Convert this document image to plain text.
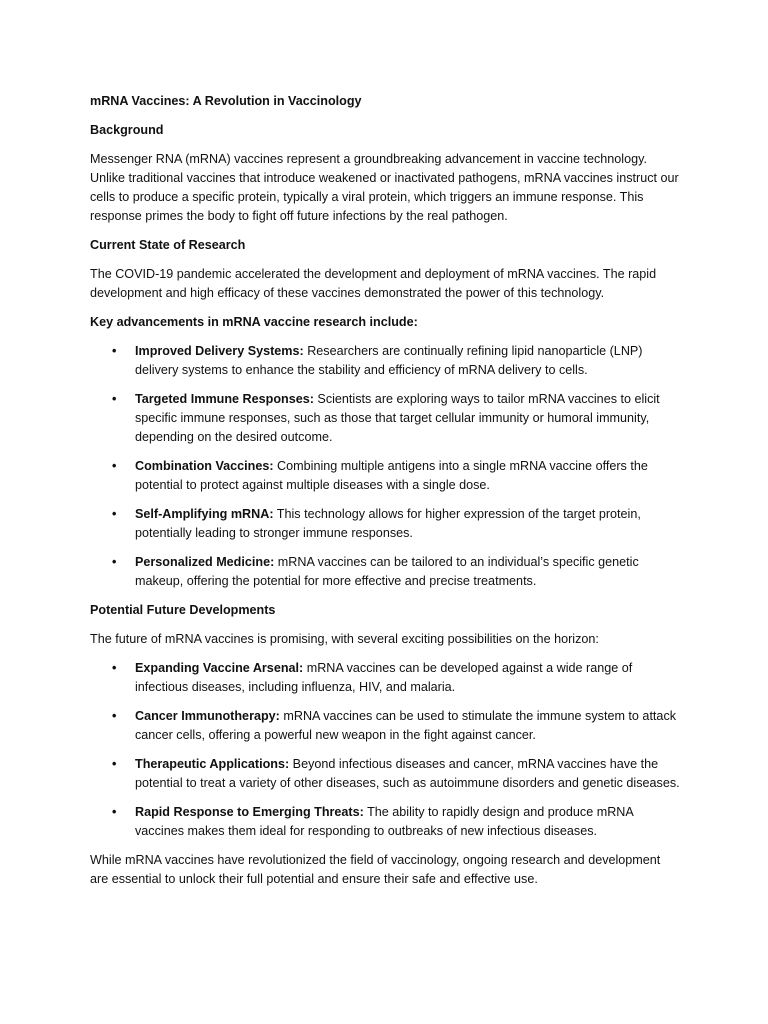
mRNA Vaccines: A Revolution in Vaccinology
Background

Messenger RNA (mRNA) vaccines represent a groundbreaking advancement in vaccine technology. Unlike traditional vaccines that introduce weakened or inactivated pathogens, mRNA vaccines instruct our cells to produce a specific protein, typically a viral protein, which triggers an immune response. This response primes the body to fight off future infections by the real pathogen.

Current State of Research

The COVID-19 pandemic accelerated the development and deployment of mRNA vaccines. The rapid development and high efficacy of these vaccines demonstrated the power of this technology.

Key advancements in mRNA vaccine research include:
• Improved Delivery Systems: Researchers are continually refining lipid nanoparticle (LNP) delivery systems to enhance the stability and efficiency of mRNA delivery to cells.
• Targeted Immune Responses: Scientists are exploring ways to tailor mRNA vaccines to elicit specific immune responses, such as those that target cellular immunity or humoral immunity, depending on the desired outcome.
• Combination Vaccines: Combining multiple antigens into a single mRNA vaccine offers the potential to protect against multiple diseases with a single dose.
• Self-Amplifying mRNA: This technology allows for higher expression of the target protein, potentially leading to stronger immune responses.
• Personalized Medicine: mRNA vaccines can be tailored to an individual’s specific genetic makeup, offering the potential for more effective and precise treatments.
Potential Future Developments

The future of mRNA vaccines is promising, with several exciting possibilities on the horizon:

• Expanding Vaccine Arsenal: mRNA vaccines can be developed against a wide range of infectious diseases, including influenza, HIV, and malaria.
• Cancer Immunotherapy: mRNA vaccines can be used to stimulate the immune system to attack cancer cells, offering a powerful new weapon in the fight against cancer.
• Therapeutic Applications: Beyond infectious diseases and cancer, mRNA vaccines have the potential to treat a variety of other diseases, such as autoimmune disorders and genetic diseases.
• Rapid Response to Emerging Threats: The ability to rapidly design and produce mRNA vaccines makes them ideal for responding to outbreaks of new infectious diseases.

While mRNA vaccines have revolutionized the field of vaccinology, ongoing research and development are essential to unlock their full potential and ensure their safe and effective use.
